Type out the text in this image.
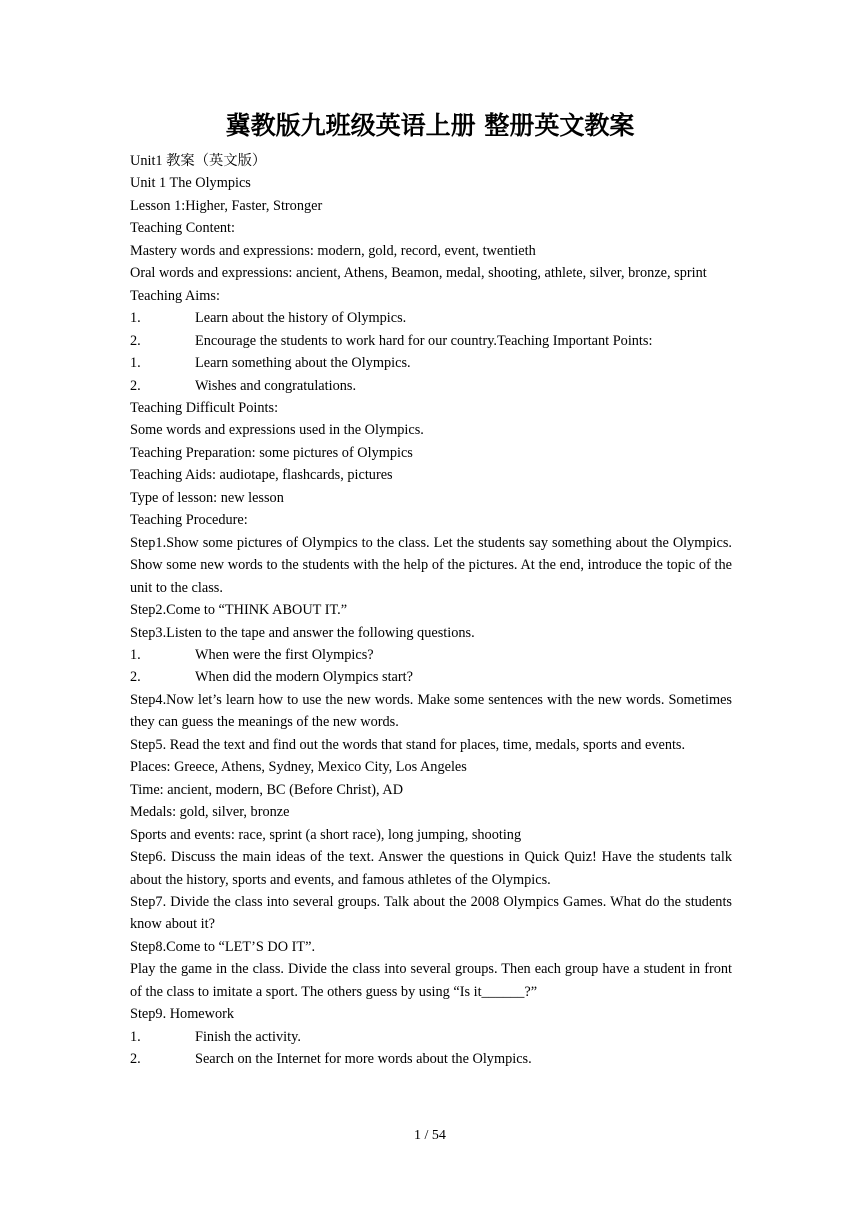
冀教版九班级英语上册 整册英文教案

Unit1 教案（英文版）

Unit 1 The Olympics

Lesson 1:Higher, Faster, Stronger

Teaching Content:

Mastery words and expressions: modern, gold, record, event, twentieth

Oral words and expressions: ancient, Athens, Beamon, medal, shooting, athlete, silver, bronze, sprint

Teaching Aims:

1.	Learn about the history of Olympics.
2.	Encourage the students to work hard for our country.Teaching Important Points:
1.	Learn something about the Olympics.
2.	Wishes and congratulations.

Teaching Difficult Points:

Some words and expressions used in the Olympics.

Teaching Preparation: some pictures of Olympics

Teaching Aids: audiotape, flashcards, pictures

Type of lesson: new lesson

Teaching Procedure:

Step1.Show some pictures of Olympics to the class. Let the students say something about the Olympics. Show some new words to the students with the help of the pictures. At the end, introduce the topic of the unit to the class.

Step2.Come to “THINK ABOUT IT.”

Step3.Listen to the tape and answer the following questions.

1.	When were the first Olympics?
2.	When did the modern Olympics start?

Step4.Now let’s learn how to use the new words. Make some sentences with the new words. Sometimes they can guess the meanings of the new words.

Step5. Read the text and find out the words that stand for places, time, medals, sports and events.

Places: Greece, Athens, Sydney, Mexico City, Los Angeles

Time: ancient, modern, BC (Before Christ), AD

Medals: gold, silver, bronze

Sports and events: race, sprint (a short race), long jumping, shooting

Step6. Discuss the main ideas of the text. Answer the questions in Quick Quiz! Have the students talk about the history, sports and events, and famous athletes of the Olympics.

Step7. Divide the class into several groups. Talk about the 2008 Olympics Games. What do the students know about it?

Step8.Come to “LET’S DO IT”.

Play the game in the class. Divide the class into several groups. Then each group have a student in front of the class to imitate a sport. The others guess by using “Is it______?”

Step9. Homework

1.	Finish the activity.
2.	Search on the Internet for more words about the Olympics.
1 / 54
